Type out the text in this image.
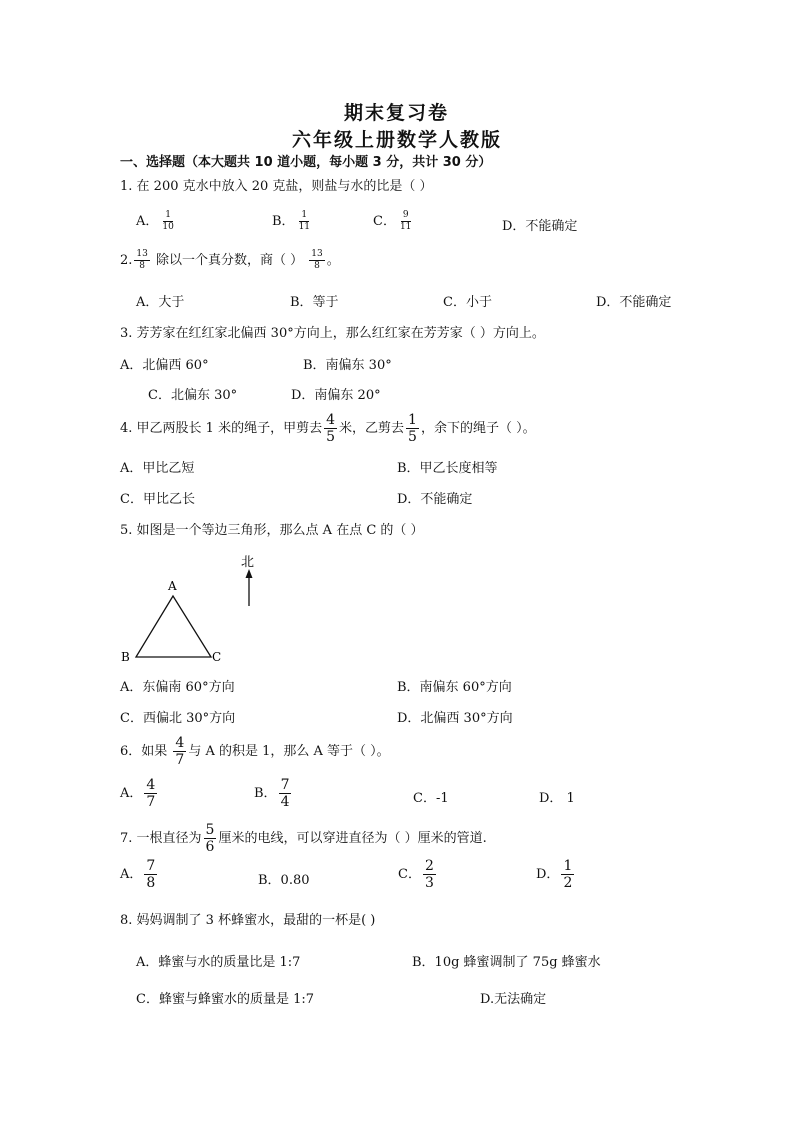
期末复习卷
六年级上册数学人教版
一、选择题（本大题共 10 道小题，每小题 3 分，共计 30 分）
1. 在 200 克水中放入 20 克盐，则盐与水的比是（ ）
A． $\frac{1}{10}$	B． $\frac{1}{11}$	C． $\frac{9}{11}$	D．不能确定
2. $\frac{13}{8}$ 除以一个真分数，商（ ） $\frac{13}{8}$ 。
A．大于	B．等于	C．小于	D．不能确定
3. 芳芳家在红红家北偏西 30°方向上，那么红红家在芳芳家（ ）方向上。
A．北偏西 60°	B．南偏东 30°
C．北偏东 30°	D．南偏东 20°
4. 甲乙两股长 1 米的绳子，甲剪去 $\frac{4}{5}$ 米，乙剪去 $\frac{1}{5}$ ，余下的绳子（ ）。
A．甲比乙短	B．甲乙长度相等
C．甲比乙长	D．不能确定
5. 如图是一个等边三角形，那么点 A 在点 C 的（ ）
A
B	C
北
A．东偏南 60°方向	B．南偏东 60°方向
C．西偏北 30°方向	D．北偏西 30°方向
6．如果 $\frac{4}{7}$ 与 A 的积是 1，那么 A 等于（ ）。
A． $\frac{4}{7}$	B． $\frac{7}{4}$	C．-1	D． 1
7. 一根直径为 $\frac{5}{6}$ 厘米的电线，可以穿进直径为（ ）厘米的管道.
A． $\frac{7}{8}$	B．0.80	C． $\frac{2}{3}$	D． $\frac{1}{2}$
8. 妈妈调制了 3 杯蜂蜜水，最甜的一杯是( )
A．蜂蜜与水的质量比是 1:7	B．10g 蜂蜜调制了 75g 蜂蜜水
C．蜂蜜与蜂蜜水的质量是 1:7	D.无法确定
